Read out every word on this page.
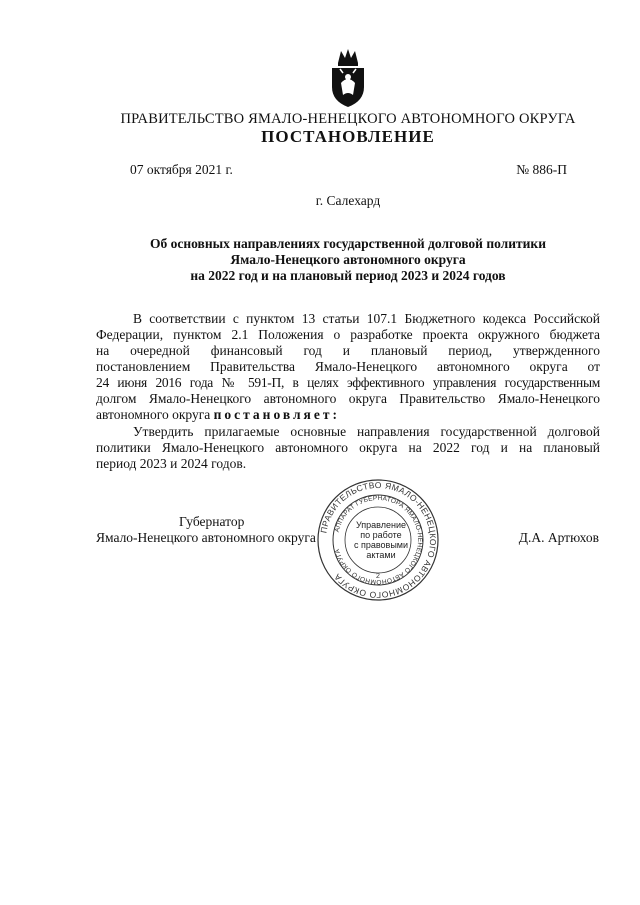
ПРАВИТЕЛЬСТВО ЯМАЛО-НЕНЕЦКОГО АВТОНОМНОГО ОКРУГА
ПОСТАНОВЛЕНИЕ
07 октября 2021 г.	№ 886-П
г. Салехард
Об основных направлениях государственной долговой политики
Ямало-Ненецкого автономного округа
на 2022 год и на плановый период 2023 и 2024 годов
В соответствии с пунктом 13 статьи 107.1 Бюджетного кодекса Российской
Федерации, пунктом 2.1 Положения о разработке проекта окружного бюджета
на очередной финансовый год и плановый период, утвержденного
постановлением Правительства Ямало-Ненецкого автономного округа от
24 июня 2016 года № 591-П, в целях эффективного управления государственным
долгом Ямало-Ненецкого автономного округа Правительство Ямало-Ненецкого
автономного округа постановляет:
Утвердить прилагаемые основные направления государственной долговой
политики Ямало-Ненецкого автономного округа на 2022 год и на плановый
период 2023 и 2024 годов.
Губернатор
Ямало-Ненецкого автономного округа	Д.А. Артюхов
ПРАВИТЕЛЬСТВО ЯМАЛО-НЕНЕЦКОГО АВТОНОМНОГО ОКРУГА
АППАРАТ ГУБЕРНАТОРА ЯМАЛО-НЕНЕЦКОГО АВТОНОМНОГО ОКРУГА
2
Управление
по работе
с правовыми
актами
